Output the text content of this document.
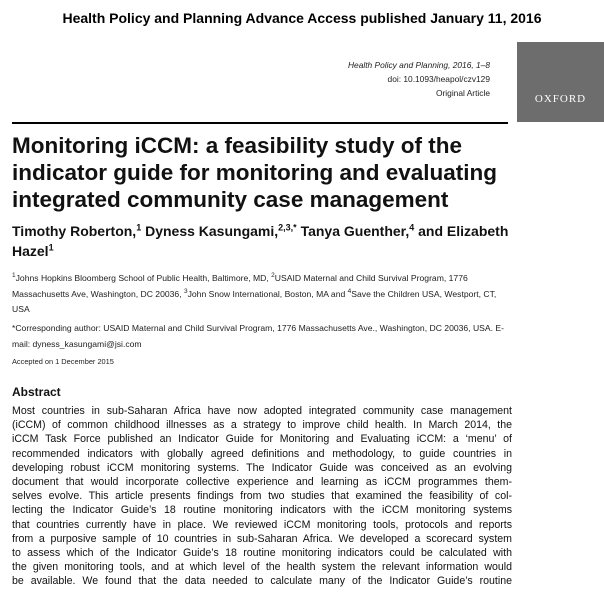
Health Policy and Planning Advance Access published January 11, 2016
Health Policy and Planning, 2016, 1–8
doi: 10.1093/heapol/czv129
Original Article	OXFORD
Monitoring iCCM: a feasibility study of the indicator guide for monitoring and evaluating integrated community case management
Timothy Roberton,$^1$ Dyness Kasungami,$^{2,3,*}$ Tanya Guenther,$^4$ and Elizabeth Hazel$^1$
$^1$Johns Hopkins Bloomberg School of Public Health, Baltimore, MD, $^2$USAID Maternal and Child Survival Program, 1776 Massachusetts Ave, Washington, DC 20036, $^3$John Snow International, Boston, MA and $^4$Save the Children USA, Westport, CT, USA
*Corresponding author: USAID Maternal and Child Survival Program, 1776 Massachusetts Ave., Washington, DC 20036, USA. E-mail: dyness_kasungami@jsi.com
Accepted on 1 December 2015
Abstract
Most countries in sub-Saharan Africa have now adopted integrated community case management
(iCCM) of common childhood illnesses as a strategy to improve child health. In March 2014, the
iCCM Task Force published an Indicator Guide for Monitoring and Evaluating iCCM: a ‘menu’ of
recommended indicators with globally agreed definitions and methodology, to guide countries in
developing robust iCCM monitoring systems. The Indicator Guide was conceived as an evolving
document that would incorporate collective experience and learning as iCCM programmes them-
selves evolve. This article presents findings from two studies that examined the feasibility of col-
lecting the Indicator Guide’s 18 routine monitoring indicators with the iCCM monitoring systems
that countries currently have in place. We reviewed iCCM monitoring tools, protocols and reports
from a purposive sample of 10 countries in sub-Saharan Africa. We developed a scorecard system
to assess which of the Indicator Guide’s 18 routine monitoring indicators could be calculated with
the given monitoring tools, and at which level of the health system the relevant information would
be available. We found that the data needed to calculate many of the Indicator Guide’s routine
